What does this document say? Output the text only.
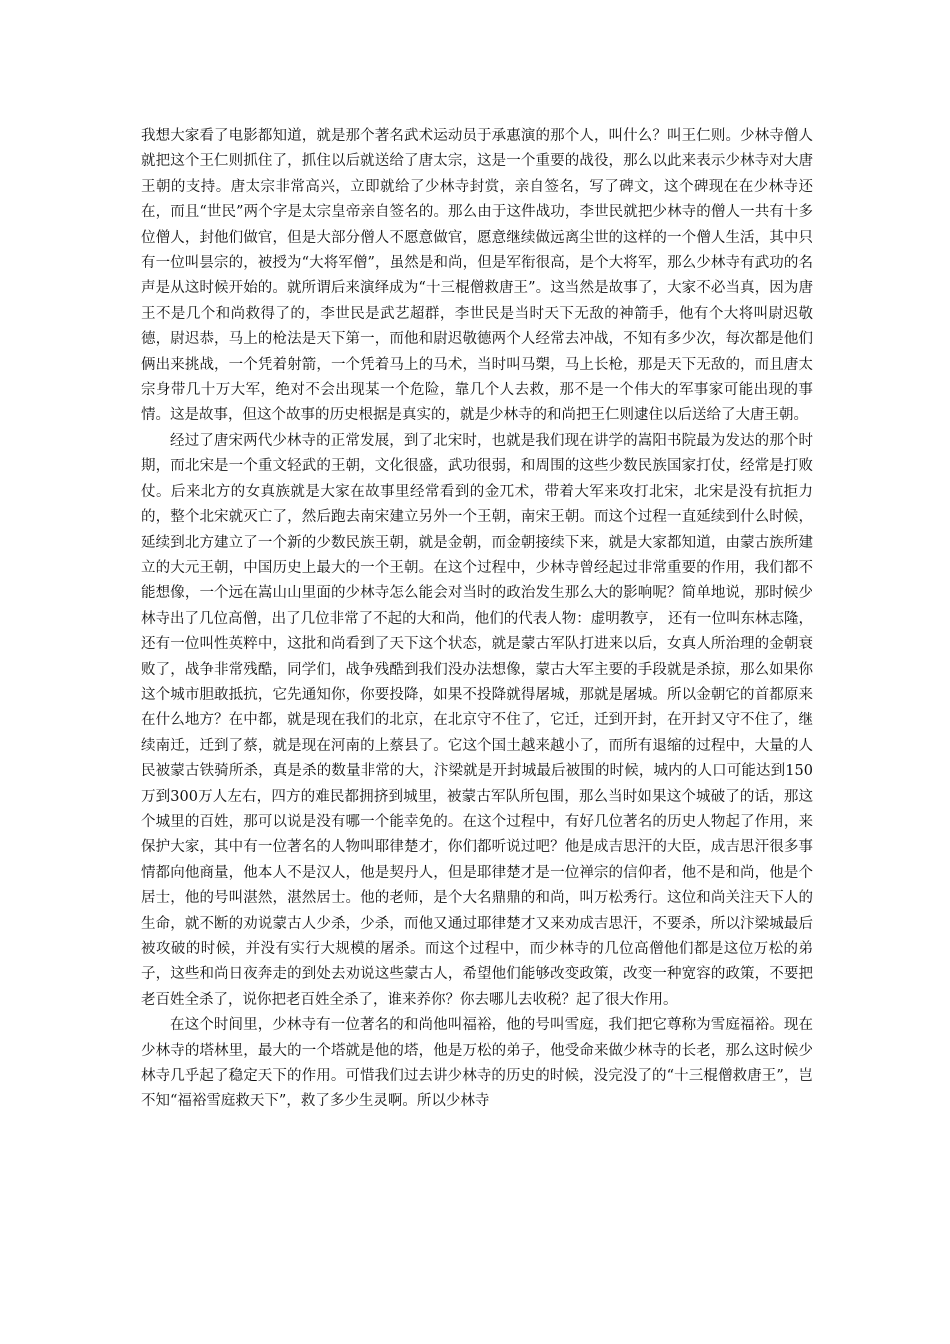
我想大家看了电影都知道，就是那个著名武术运动员于承惠演的那个人，叫什么？叫王仁则。少林寺僧人就把这个王仁则抓住了，抓住以后就送给了唐太宗，这是一个重要的战役，那么以此来表示少林寺对大唐王朝的支持。唐太宗非常高兴，立即就给了少林寺封赏，亲自签名，写了碑文，这个碑现在在少林寺还在，而且“世民”两个字是太宗皇帝亲自签名的。那么由于这件战功，李世民就把少林寺的僧人一共有十多位僧人，封他们做官，但是大部分僧人不愿意做官，愿意继续做远离尘世的这样的一个僧人生活，其中只有一位叫昙宗的，被授为“大将军僧”，虽然是和尚，但是军衔很高，是个大将军，那么少林寺有武功的名声是从这时候开始的。就所谓后来演绎成为“十三棍僧救唐王”。这当然是故事了，大家不必当真，因为唐王不是几个和尚救得了的，李世民是武艺超群，李世民是当时天下无敌的神箭手，他有个大将叫尉迟敬德，尉迟恭，马上的枪法是天下第一，而他和尉迟敬德两个人经常去冲战，不知有多少次，每次都是他们俩出来挑战，一个凭着射箭，一个凭着马上的马术，当时叫马槊，马上长枪，那是天下无敌的，而且唐太宗身带几十万大军，绝对不会出现某一个危险，靠几个人去救，那不是一个伟大的军事家可能出现的事情。这是故事，但这个故事的历史根据是真实的，就是少林寺的和尚把王仁则逮住以后送给了大唐王朝。

经过了唐宋两代少林寺的正常发展，到了北宋时，也就是我们现在讲学的嵩阳书院最为发达的那个时期，而北宋是一个重文轻武的王朝，文化很盛，武功很弱，和周围的这些少数民族国家打仗，经常是打败仗。后来北方的女真族就是大家在故事里经常看到的金兀术，带着大军来攻打北宋，北宋是没有抗拒力的，整个北宋就灭亡了，然后跑去南宋建立另外一个王朝，南宋王朝。而这个过程一直延续到什么时候，延续到北方建立了一个新的少数民族王朝，就是金朝，而金朝接续下来，就是大家都知道，由蒙古族所建立的大元王朝，中国历史上最大的一个王朝。在这个过程中，少林寺曾经起过非常重要的作用，我们都不能想像，一个远在嵩山山里面的少林寺怎么能会对当时的政治发生那么大的影响呢？简单地说，那时候少林寺出了几位高僧，出了几位非常了不起的大和尚，他们的代表人物：虚明教亨， 还有一位叫东林志隆，还有一位叫性英粹中，这批和尚看到了天下这个状态，就是蒙古军队打进来以后，女真人所治理的金朝衰败了，战争非常残酷，同学们，战争残酷到我们没办法想像，蒙古大军主要的手段就是杀掠，那么如果你这个城市胆敢抵抗，它先通知你，你要投降，如果不投降就得屠城，那就是屠城。所以金朝它的首都原来在什么地方？在中都，就是现在我们的北京，在北京守不住了，它迁，迁到开封，在开封又守不住了，继续南迁，迁到了蔡，就是现在河南的上蔡县了。它这个国土越来越小了，而所有退缩的过程中，大量的人民被蒙古铁骑所杀，真是杀的数量非常的大，汴梁就是开封城最后被围的时候，城内的人口可能达到150万到300万人左右，四方的难民都拥挤到城里，被蒙古军队所包围，那么当时如果这个城破了的话，那这个城里的百姓，那可以说是没有哪一个能幸免的。在这个过程中，有好几位著名的历史人物起了作用，来保护大家，其中有一位著名的人物叫耶律楚才，你们都听说过吧？他是成吉思汗的大臣，成吉思汗很多事情都向他商量，他本人不是汉人，他是契丹人，但是耶律楚才是一位禅宗的信仰者，他不是和尚，他是个居士，他的号叫湛然，湛然居士。他的老师，是个大名鼎鼎的和尚，叫万松秀行。这位和尚关注天下人的生命，就不断的劝说蒙古人少杀，少杀，而他又通过耶律楚才又来劝成吉思汗，不要杀，所以汴梁城最后被攻破的时候，并没有实行大规模的屠杀。而这个过程中，而少林寺的几位高僧他们都是这位万松的弟子，这些和尚日夜奔走的到处去劝说这些蒙古人，希望他们能够改变政策，改变一种宽容的政策，不要把老百姓全杀了，说你把老百姓全杀了，谁来养你？你去哪儿去收税？起了很大作用。

在这个时间里，少林寺有一位著名的和尚他叫福裕，他的号叫雪庭，我们把它尊称为雪庭福裕。现在少林寺的塔林里，最大的一个塔就是他的塔，他是万松的弟子，他受命来做少林寺的长老，那么这时候少林寺几乎起了稳定天下的作用。可惜我们过去讲少林寺的历史的时候，没完没了的“十三棍僧救唐王”，岂不知“福裕雪庭救天下”，救了多少生灵啊。所以少林寺
